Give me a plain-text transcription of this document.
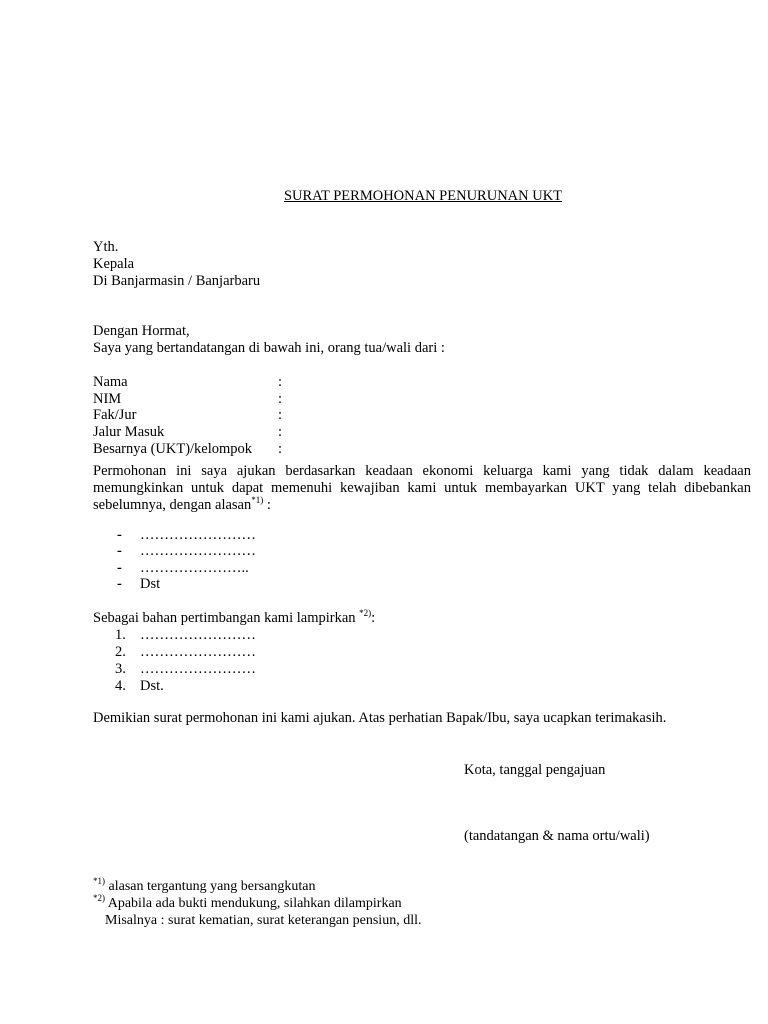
SURAT PERMOHONAN PENURUNAN UKT
Yth.
Kepala
Di Banjarmasin / Banjarbaru
Dengan Hormat,
Saya yang bertandatangan di bawah ini, orang tua/wali dari :
Nama	:
NIM	:
Fak/Jur	:
Jalur Masuk	:
Besarnya (UKT)/kelompok :
Permohonan ini saya ajukan berdasarkan keadaan ekonomi keluarga kami yang tidak dalam keadaan memungkinkan untuk dapat memenuhi kewajiban kami untuk membayarkan UKT yang telah dibebankan sebelumnya, dengan alasan$^{*1)}$ :
- ……………………
- ……………………
- …………………..
- Dst
Sebagai bahan pertimbangan kami lampirkan $^{*2)}$:
1. ……………………
2. ……………………
3. ……………………
4. Dst.
Demikian surat permohonan ini kami ajukan. Atas perhatian Bapak/Ibu, saya ucapkan terimakasih.
Kota, tanggal pengajuan
(tandatangan & nama ortu/wali)
$^{*1)}$ alasan tergantung yang bersangkutan
$^{*2)}$ Apabila ada bukti mendukung, silahkan dilampirkan
Misalnya : surat kematian, surat keterangan pensiun, dll.
